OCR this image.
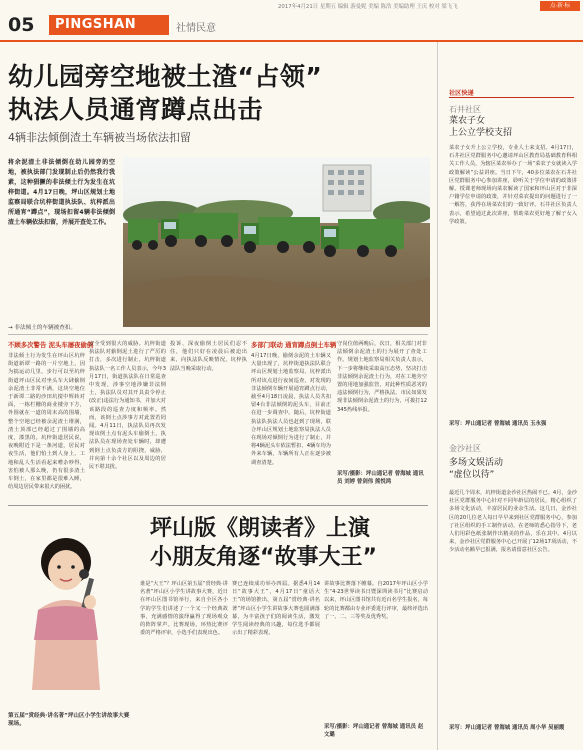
05	PINGSHAN	社情民意
2017年4月21日 星期五 编辑 游曼妮 美编 陈浩 美编助理 王庆 校对 梁飞飞	点·新·标
幼儿园旁空地被土渣“占领”
执法人员通宵蹲点出击
4辆非法倾倒渣土车辆被当场依法扣留
将余泥渣土非法倾倒在幼儿园旁的空地，被执法部门发现制止后仍然我行我素，这种猖獗的非法倾土行为发生在坑梓街道。4月17日晚，坪山区规划土地监察局联合坑梓街道执法队、坑梓派出所通宵“蹲点”，现场扣留4辆非法倾倒渣土车辆依法扣留，并展开查处工作。
→ 非法倾土的车辆被查扣。
不顾多次警告 泥头车屡夜偷倒
非法倾土行为发生在坪山区坑梓街道新谭一路的一片空地上，因为搞运动几里，步行可以至坑梓街道坪山区民对坐头车大肆偷倒余泥渣土非常不满，这块空地位于新谭二路的沙田坑搅中辉转对面，一栋栏栅的商业楼旁下方，外围就在一道的周末高的围墙，整个空地已经被余泥渣土堆满，渣土顶部已经超过了围墙的高度，漆黑的。坑梓街道居民说，夜晚附近下是一条河道，居民对夜生活，他们怕土到人身上，工地和乱人生活看起来嘈杂吵得，害怕被人那么晚，仍有很多渣土车倒土，在家里都是很难入睡，给周边居民带来很大的困扰。
安全受到很大的威胁。坑梓街道执法队对偷倒泥土进行了严厉的打击，多次进行制止，坑梓街道执法队一名工作人员表示，今年3月17日，街道执法队在日常巡查中发现，涉事空地涉嫌非法倒土，执法队员对其开具责令停止(改正)违法行为通知书，并加大对该路段的巡查力度和频率。然而，该倒土点涉事方对此置若罔闻。4月11日，执法队员再次发现该倒土点有泥头车偷倒土，执法队员在现场查处车辆时，却遭到倒土点负责方的阻挠，威胁，并向第十余个社区以及周边的居民不堪其扰。
投诉、深夜偷倒土居民们忍不住，他们只好在凌晨后被迫出来，向执法队反映情况，坑梓执法队当晚采取行动。
多部门联动 通宵蹲点倒土车辆
4月17日晚，偷倒余泥的土车辆又大量出现了，坑梓街道执法队联合坪山区规划土地监察局、坑梓派出所对该点进行夜间巡查，对发现的非法倾倒车辆开展通宵蹲点行动，截至4月18日凌晨，执法人员共扣留4台非法倾倒的泥头车，目前正在进一步调查中。随后，坑梓街道执法队执法人员也赶到了现场，联合坪山区规划土地监察局执法人员在现场对倾倒行为进行了制止，并将4辆泥头车依法暂扣，4辆车均为外来车辆，车辆所有人正在逐步被调查清楚。
守岗位值两晚后，次日，相关部门对非法倾倒余泥渣土的行为展开了查处工作。规划土地监察局相关负责人表示，下一步将继续采取高压态势，坚决打击非法倾倒余泥渣土行为，对在工地旁空置的用地加强监管，对此种性质恶劣的违法倾倒行为，严格执法。市民如果发现非法倾倒余泥渣土的行为，可拨打12345热线举报。
采写/摄影：坪山通记者 曾海城 通讯员 刘婷 曾剑伟 熊悦鸿
坪山版《朗读者》上演
小朋友角逐“故事大王”
第五届“赏经典·讲名著”坪山区小学生讲故事大赛现场。
谁是“大王”？坪山区第五届“赏经典·讲名著”坪山区小学生讲故事大赛，近日在坪山区图书馆举行，来自全区各小学的学生们讲述了一个又一个经典故事，充满感情的演绎赢得了现场观众的阵阵掌声。比赛现场，环热比赛评委的严格评审，小选手们表现出色。
赛已连续成功举办四届。据悉4月14日“故事大王”，4月17日“童话大王”的场馆推出，第五届“赏经典·讲名著”坪山区小学生讲故事大赛也圆满落幕，为丰富孩子们的阅读生活，激发学生阅读经典的兴趣，每位选手都展示出了精彩表现。
讲故事比赛落下帷幕。自2017年坪山区小学生“4·23世界读书日暨深圳读书月”比赛启动以来，坪山区图书馆共有近百名学生报名，每轮的比赛都由专业评委进行评审，最终评选出了一、二、三等奖及优秀奖。
采写/摄影：坪山通记者 曾海城 通讯员 赵文璐
社区快递
石井社区
菜农子女
上公立学校支招
菜农子女升上公立学校，专业人士来支招。4月17日，石井社区党群服务中心邀请坪山区教育局基础教育科相关工作人员，为辖区菜农举办了一场“菜农子女就读入学政策解读”公益讲座。当日下午，40多位菜农在石井社区党群服务中心参加讲座，聆听关于学位申请的政策讲解。授课老师现场向菜农解读了国家和坪山区对于非深户籍学位申请的政策，并针对菜农提出的问题进行了一一解答，获得在场菜农们的一致好评。石井社区负责人表示，希望通过此次讲座，帮助菜农更好地了解子女入学政策。
采写：坪山通记者 曾海城 通讯员 玉永强
金沙社区
多场文娱活动
“虚位以待”
最近几个周末，坑梓街道金沙社区热闹不已。4月，金沙社区党群服务中心针对不同年龄层的居民，精心组织了多场文化活动，丰富居民的业余生活。这几日，金沙社区的20几位老人每日早早来到社区党群服务中心，参加了社区组织的手工制作活动，在老师的悉心指导下，老人们用彩色纸张制作出精美的作品，乐在其中。4月以来，金沙社区党群服务中心已开展了12场17项活动，不少活动名额早已报满，报名请留意社区公告。
采写：坪山通记者 曾海城 通讯员 周小华 吴丽霞
